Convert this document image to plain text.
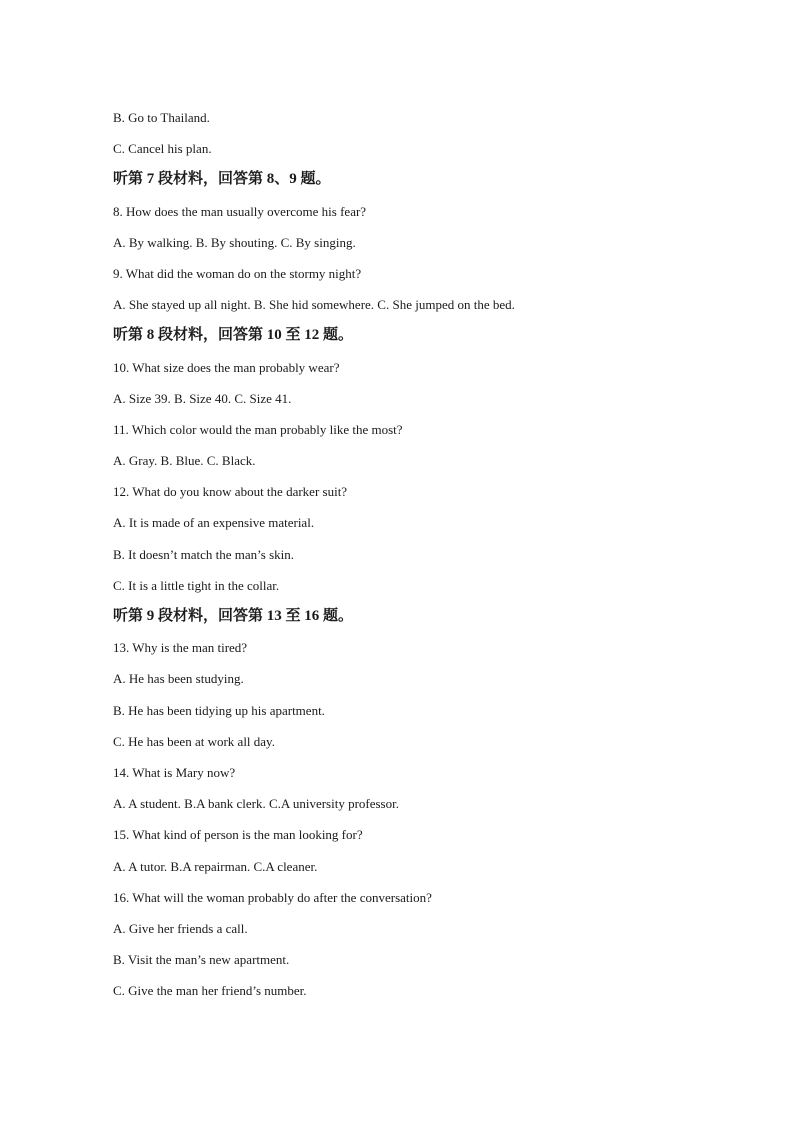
B. Go to Thailand.
C. Cancel his plan.
听第 7 段材料，回答第 8、9 题。
8. How does the man usually overcome his fear?
A. By walking. B. By shouting. C. By singing.
9. What did the woman do on the stormy night?
A. She stayed up all night. B. She hid somewhere. C. She jumped on the bed.
听第 8 段材料，回答第 10 至 12 题。
10. What size does the man probably wear?
A. Size 39. B. Size 40. C. Size 41.
11. Which color would the man probably like the most?
A. Gray. B. Blue. C. Black.
12. What do you know about the darker suit?
A. It is made of an expensive material.
B. It doesn’t match the man’s skin.
C. It is a little tight in the collar.
听第 9 段材料，回答第 13 至 16 题。
13. Why is the man tired?
A. He has been studying.
B. He has been tidying up his apartment.
C. He has been at work all day.
14. What is Mary now?
A. A student. B.A bank clerk. C.A university professor.
15. What kind of person is the man looking for?
A. A tutor. B.A repairman. C.A cleaner.
16. What will the woman probably do after the conversation?
A. Give her friends a call.
B. Visit the man’s new apartment.
C. Give the man her friend’s number.
